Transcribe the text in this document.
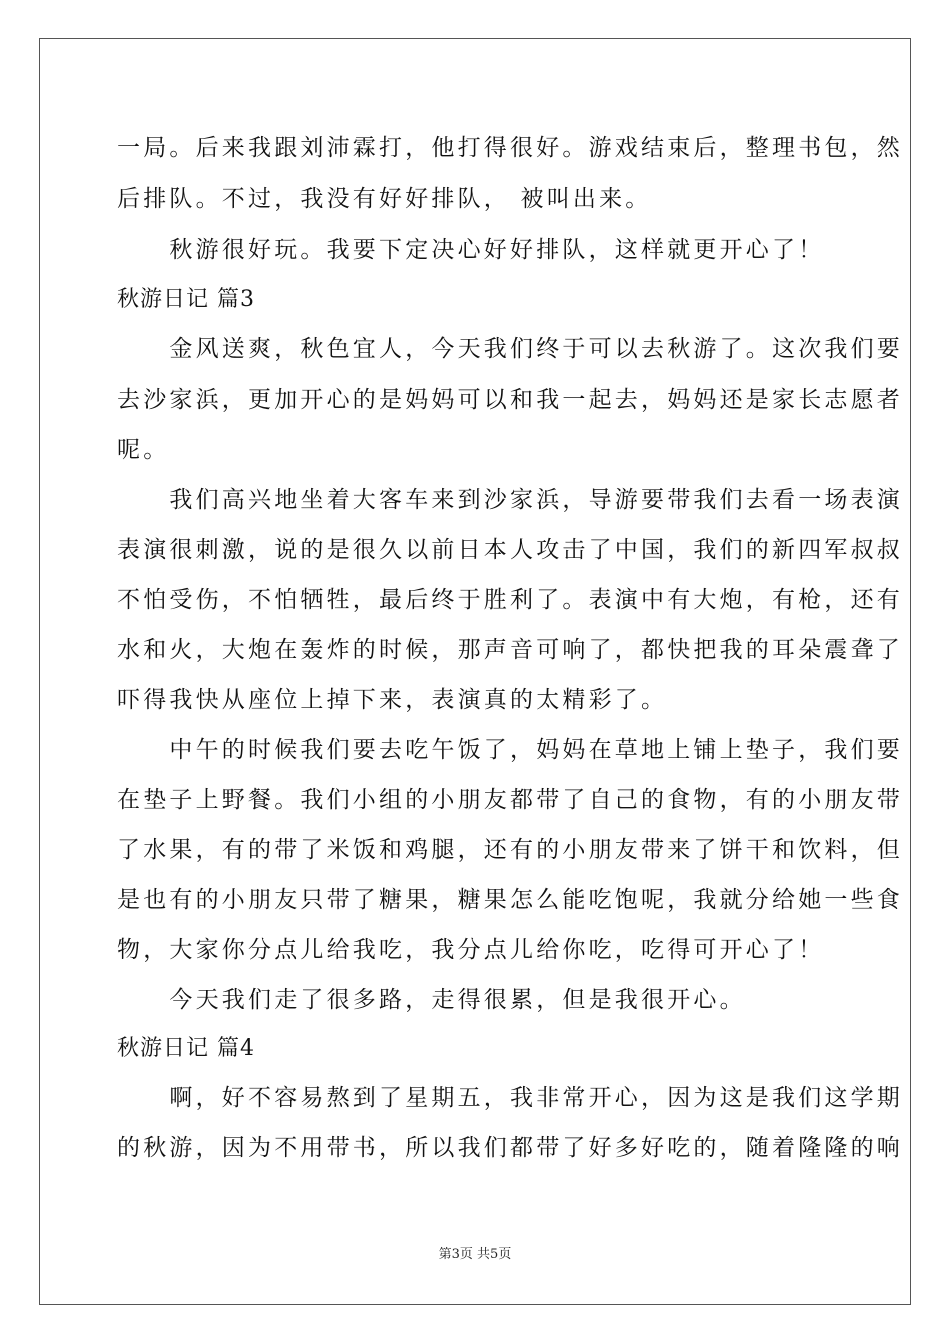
一局。后来我跟刘沛霖打，他打得很好。游戏结束后，整理书包，然
后排队。不过，我没有好好排队， 被叫出来。
　　秋游很好玩。我要下定决心好好排队，这样就更开心了！
秋游日记 篇3
　　金风送爽，秋色宜人，今天我们终于可以去秋游了。这次我们要
去沙家浜，更加开心的是妈妈可以和我一起去，妈妈还是家长志愿者
呢。
　　我们高兴地坐着大客车来到沙家浜，导游要带我们去看一场表演
表演很刺激，说的是很久以前日本人攻击了中国，我们的新四军叔叔
不怕受伤，不怕牺牲，最后终于胜利了。表演中有大炮，有枪，还有
水和火，大炮在轰炸的时候，那声音可响了，都快把我的耳朵震聋了
吓得我快从座位上掉下来，表演真的太精彩了。
　　中午的时候我们要去吃午饭了，妈妈在草地上铺上垫子，我们要
在垫子上野餐。我们小组的小朋友都带了自己的食物，有的小朋友带
了水果，有的带了米饭和鸡腿，还有的小朋友带来了饼干和饮料，但
是也有的小朋友只带了糖果，糖果怎么能吃饱呢，我就分给她一些食
物，大家你分点儿给我吃，我分点儿给你吃，吃得可开心了！
　　今天我们走了很多路，走得很累，但是我很开心。
秋游日记 篇4
　　啊，好不容易熬到了星期五，我非常开心，因为这是我们这学期
的秋游，因为不用带书，所以我们都带了好多好吃的，随着隆隆的响
第3页 共5页
